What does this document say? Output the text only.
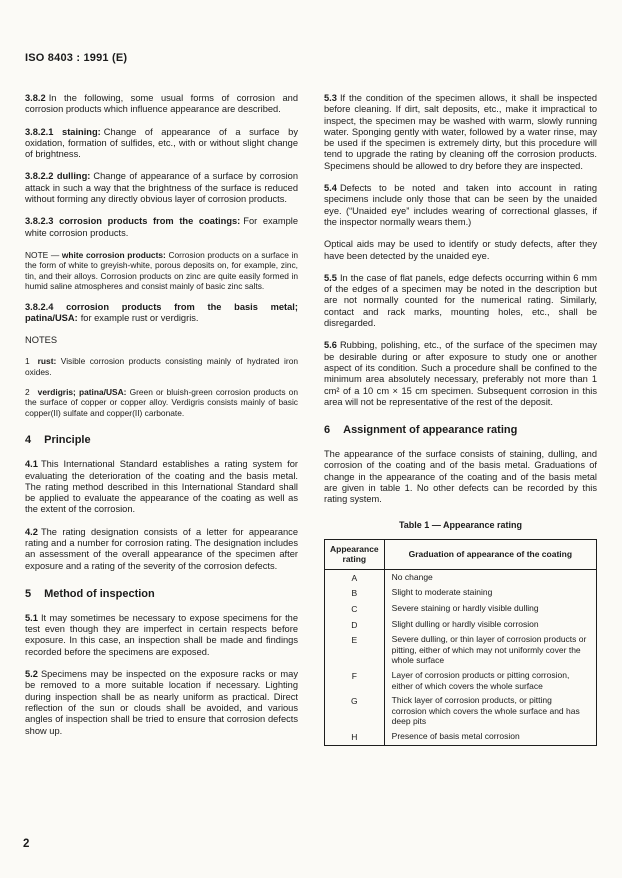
ISO 8403 : 1991 (E)

3.8.2 In the following, some usual forms of corrosion and corrosion products which influence appearance are described.

3.8.2.1 staining: Change of appearance of a surface by oxidation, formation of sulfides, etc., with or without slight change of brightness.

3.8.2.2 dulling: Change of appearance of a surface by corrosion attack in such a way that the brightness of the surface is reduced without forming any directly obvious layer of corrosion products.

3.8.2.3 corrosion products from the coatings: For example white corrosion products.

NOTE — white corrosion products: Corrosion products on a surface in the form of white to greyish-white, porous deposits on, for example, zinc, tin, and their alloys. Corrosion products on zinc are quite easily formed in humid saline atmospheres and consist mainly of basic zinc salts.

3.8.2.4 corrosion products from the basis metal; patina/USA: for example rust or verdigris.

NOTES

1 rust: Visible corrosion products consisting mainly of hydrated iron oxides.

2 verdigris; patina/USA: Green or bluish-green corrosion products on the surface of copper or copper alloy. Verdigris consists mainly of basic copper(II) sulfate and copper(II) carbonate.

4 Principle

4.1 This International Standard establishes a rating system for evaluating the deterioration of the coating and the basis metal. The rating method described in this International Standard shall be applied to evaluate the appearance of the coating as well as the extent of the corrosion.

4.2 The rating designation consists of a letter for appearance rating and a number for corrosion rating. The designation includes an assessment of the overall appearance of the specimen after exposure and a rating of the severity of the corrosion defects.

5 Method of inspection

5.1 It may sometimes be necessary to expose specimens for the test even though they are imperfect in certain respects before exposure. In this case, an inspection shall be made and findings recorded before the specimens are exposed.

5.2 Specimens may be inspected on the exposure racks or may be removed to a more suitable location if necessary. Lighting during inspection shall be as nearly uniform as practical. Direct reflection of the sun or clouds shall be avoided, and various angles of inspection shall be tried to ensure that corrosion defects show up.

5.3 If the condition of the specimen allows, it shall be inspected before cleaning. If dirt, salt deposits, etc., make it impractical to inspect, the specimen may be washed with warm, slowly running water. Sponging gently with water, followed by a water rinse, may be used if the specimen is extremely dirty, but this procedure will tend to upgrade the rating by cleaning off the corrosion products. Specimens should be allowed to dry before they are inspected.

5.4 Defects to be noted and taken into account in rating specimens include only those that can be seen by the unaided eye. (“Unaided eye” includes wearing of correctional glasses, if the inspector normally wears them.)

Optical aids may be used to identify or study defects, after they have been detected by the unaided eye.

5.5 In the case of flat panels, edge defects occurring within 6 mm of the edges of a specimen may be noted in the description but are not normally counted for the numerical rating. Similarly, contact and rack marks, mounting holes, etc., shall be disregarded.

5.6 Rubbing, polishing, etc., of the surface of the specimen may be desirable during or after exposure to study one or another aspect of its condition. Such a procedure shall be confined to the minimum area absolutely necessary, preferably not more than 1 cm² of a 10 cm × 15 cm specimen. Subsequent corrosion in this area will not be representative of the rest of the deposit.

6 Assignment of appearance rating

The appearance of the surface consists of staining, dulling, and corrosion of the coating and of the basis metal. Graduations of change in the appearance of the coating and of the basis metal are given in table 1. No other defects can be recorded by this rating system.

Table 1 — Appearance rating
Appearance rating	Graduation of appearance of the coating
A	No change
B	Slight to moderate staining
C	Severe staining or hardly visible dulling
D	Slight dulling or hardly visible corrosion
E	Severe dulling, or thin layer of corrosion products or pitting, either of which may not uniformly cover the whole surface
F	Layer of corrosion products or pitting corrosion, either of which covers the whole surface
G	Thick layer of corrosion products, or pitting corrosion which covers the whole surface and has deep pits
H	Presence of basis metal corrosion
2
